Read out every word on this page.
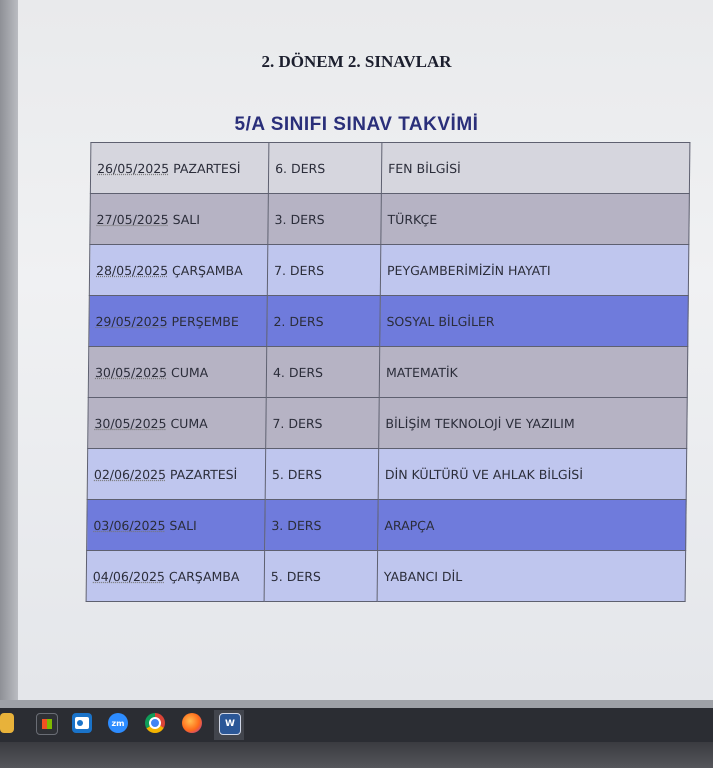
2. DÖNEM 2. SINAVLAR
5/A SINIFI SINAV TAKVİMİ
26/05/2025 PAZARTESİ	6. DERS	FEN BİLGİSİ
27/05/2025 SALI	3. DERS	TÜRKÇE
28/05/2025 ÇARŞAMBA	7. DERS	PEYGAMBERİMİZİN HAYATI
29/05/2025 PERŞEMBE	2. DERS	SOSYAL BİLGİLER
30/05/2025 CUMA	4. DERS	MATEMATİK
30/05/2025 CUMA	7. DERS	BİLİŞİM TEKNOLOJİ VE YAZILIM
02/06/2025 PAZARTESİ	5. DERS	DİN KÜLTÜRÜ VE AHLAK BİLGİSİ
03/06/2025 SALI	3. DERS	ARAPÇA
04/06/2025 ÇARŞAMBA	5. DERS	YABANCI DİL
zm	W
